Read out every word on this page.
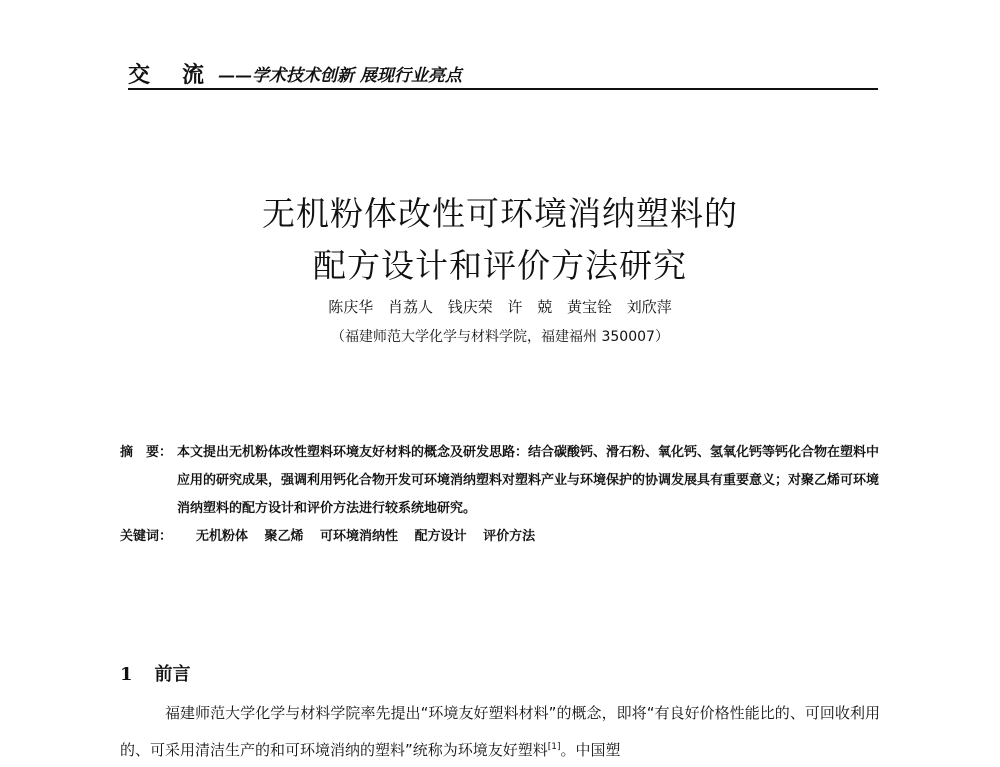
交 流 ——学术技术创新 展现行业亮点
无机粉体改性可环境消纳塑料的
配方设计和评价方法研究
陈庆华 肖荔人 钱庆荣 许 兢 黄宝铨 刘欣萍
（福建师范大学化学与材料学院，福建福州 350007）
摘　要： 本文提出无机粉体改性塑料环境友好材料的概念及研发思路：结合碳酸钙、滑石粉、氧化钙、氢氧化钙等钙化合物在塑料中应用的研究成果，强调利用钙化合物开发可环境消纳塑料对塑料产业与环境保护的协调发展具有重要意义；对聚乙烯可环境消纳塑料的配方设计和评价方法进行较系统地研究。
关键词： 无机粉体 聚乙烯 可环境消纳性 配方设计 评价方法
1 前言
福建师范大学化学与材料学院率先提出“环境友好塑料材料”的概念，即将“有良好价格性能比的、可回收利用的、可采用清洁生产的和可环境消纳的塑料”统称为环境友好塑料[1]。中国塑
